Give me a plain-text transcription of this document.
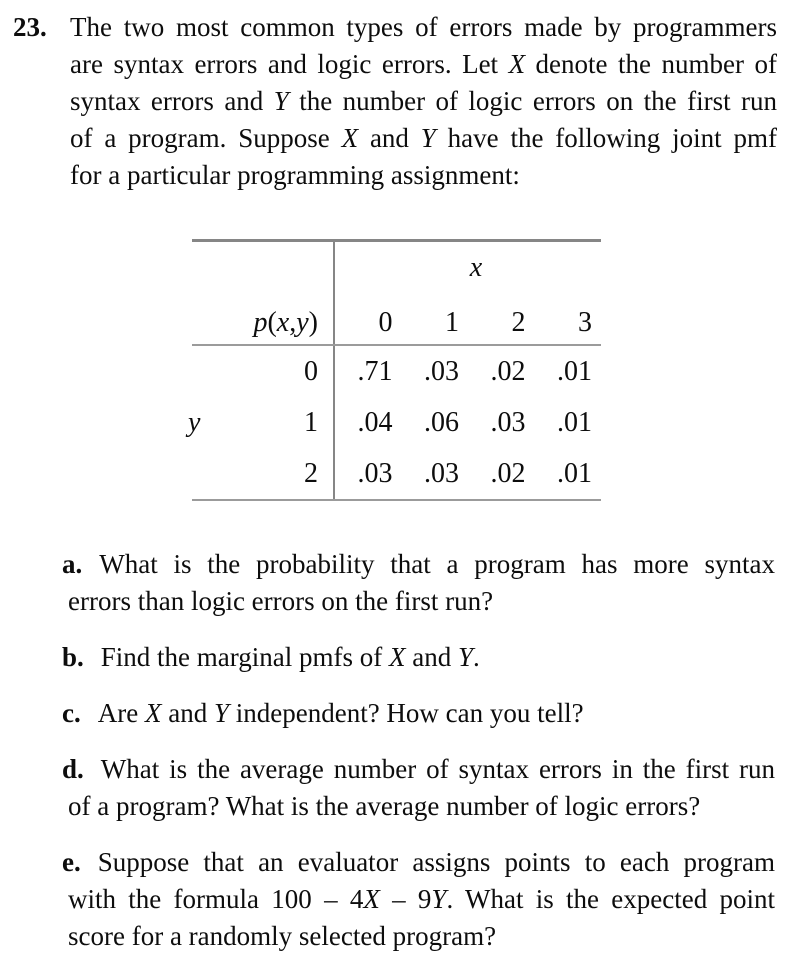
23. The two most common types of errors made by programmers
are syntax errors and logic errors. Let X denote the number of
syntax errors and Y the number of logic errors on the first run
of a program. Suppose X and Y have the following joint pmf
for a particular programming assignment:
x
p ( x , y )	0	1	2	3
y
0	.71	.03	.02	.01
1	.04	.06	.03	.01
2	.03	.03	.02	.01
a. What is the probability that a program has more syntax
errors than logic errors on the first run?
b. Find the marginal pmfs of X and Y.
c. Are X and Y independent? How can you tell?
d. What is the average number of syntax errors in the first run
of a program? What is the average number of logic errors?
e. Suppose that an evaluator assigns points to each program
with the formula 100 – 4X – 9Y. What is the expected point
score for a randomly selected program?
